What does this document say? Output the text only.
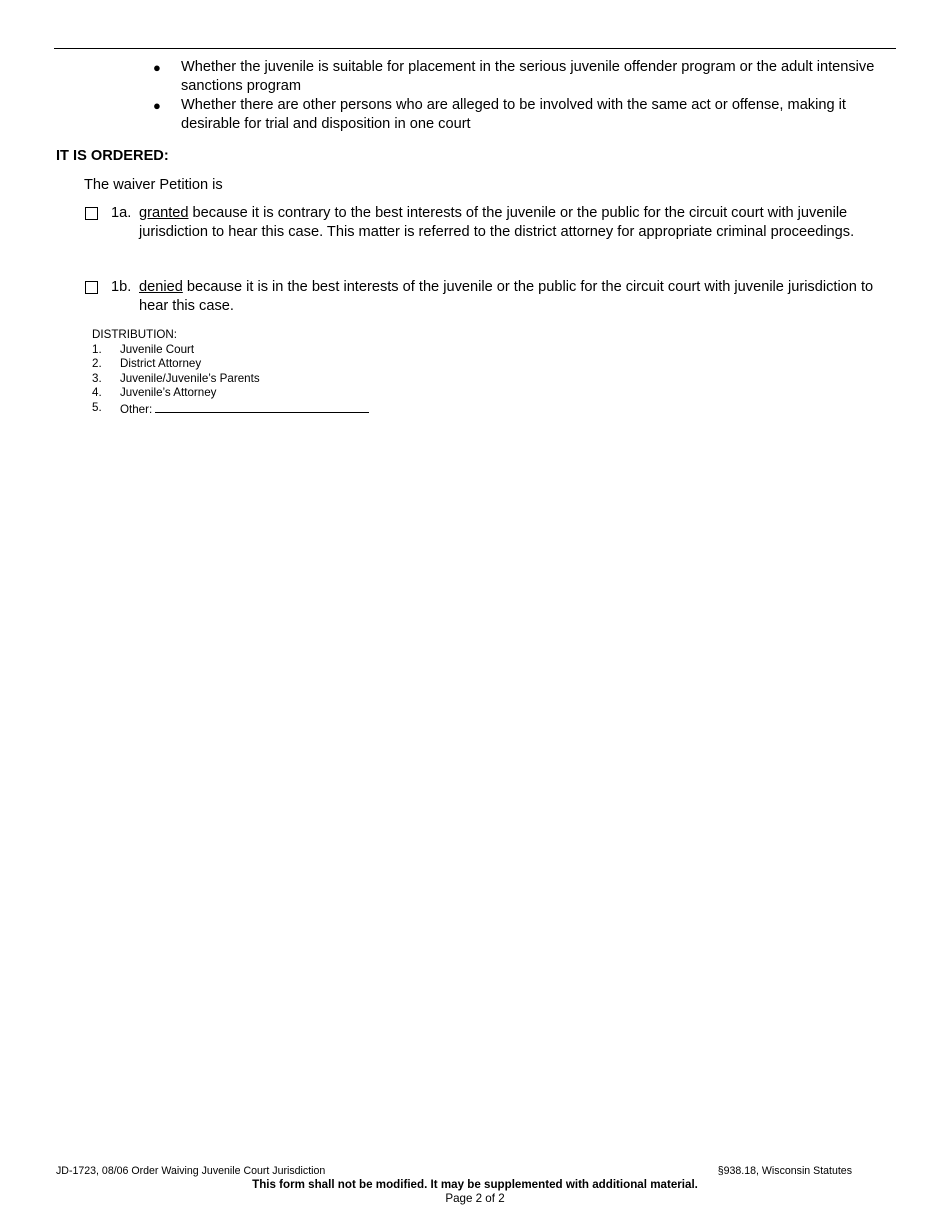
● Whether the juvenile is suitable for placement in the serious juvenile offender program or the adult intensive sanctions program
● Whether there are other persons who are alleged to be involved with the same act or offense, making it desirable for trial and disposition in one court
IT IS ORDERED:
The waiver Petition is
1a. granted because it is contrary to the best interests of the juvenile or the public for the circuit court with juvenile jurisdiction to hear this case. This matter is referred to the district attorney for appropriate criminal proceedings.
1b. denied because it is in the best interests of the juvenile or the public for the circuit court with juvenile jurisdiction to hear this case.
DISTRIBUTION:
1. Juvenile Court
2. District Attorney
3. Juvenile/Juvenile’s Parents
4. Juvenile’s Attorney
5. Other:
JD-1723, 08/06 Order Waiving Juvenile Court Jurisdiction	§938.18, Wisconsin Statutes
This form shall not be modified. It may be supplemented with additional material.
Page 2 of 2
